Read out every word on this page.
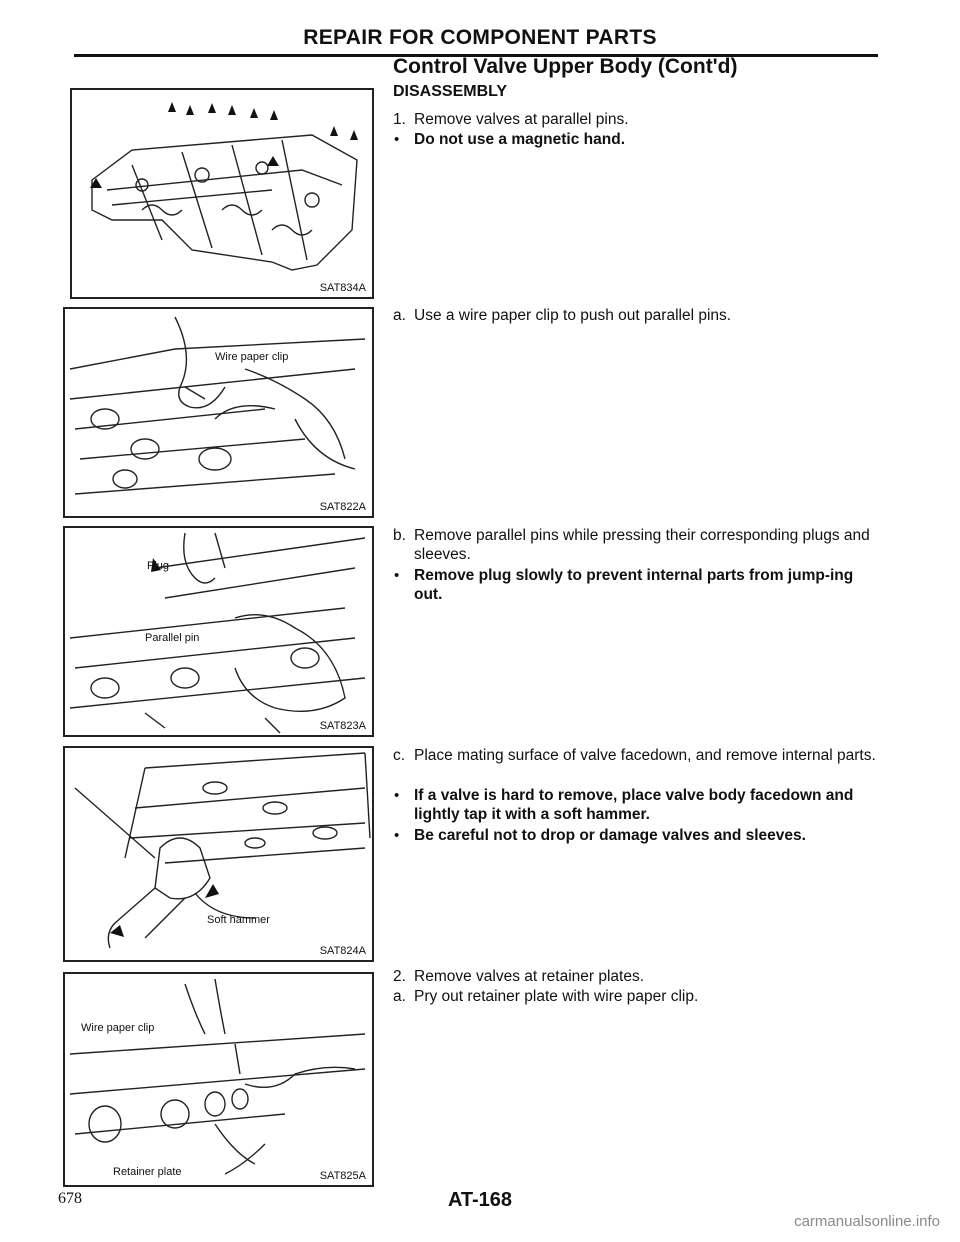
REPAIR FOR COMPONENT PARTS
Control Valve Upper Body (Cont'd)
DISASSEMBLY
SAT834A
Wire paper clip
SAT822A
Plug
Parallel pin
SAT823A
Soft hammer
SAT824A
Wire paper clip
Retainer plate	SAT825A
1. Remove valves at parallel pins.
• Do not use a magnetic hand.
a. Use a wire paper clip to push out parallel pins.
b. Remove parallel pins while pressing their corresponding plugs and sleeves.
• Remove plug slowly to prevent internal parts from jump-ing out.
c. Place mating surface of valve facedown, and remove internal parts.
• If a valve is hard to remove, place valve body facedown and lightly tap it with a soft hammer.
• Be careful not to drop or damage valves and sleeves.
2. Remove valves at retainer plates.
a. Pry out retainer plate with wire paper clip.
678	AT-168
carmanualsonline.info
